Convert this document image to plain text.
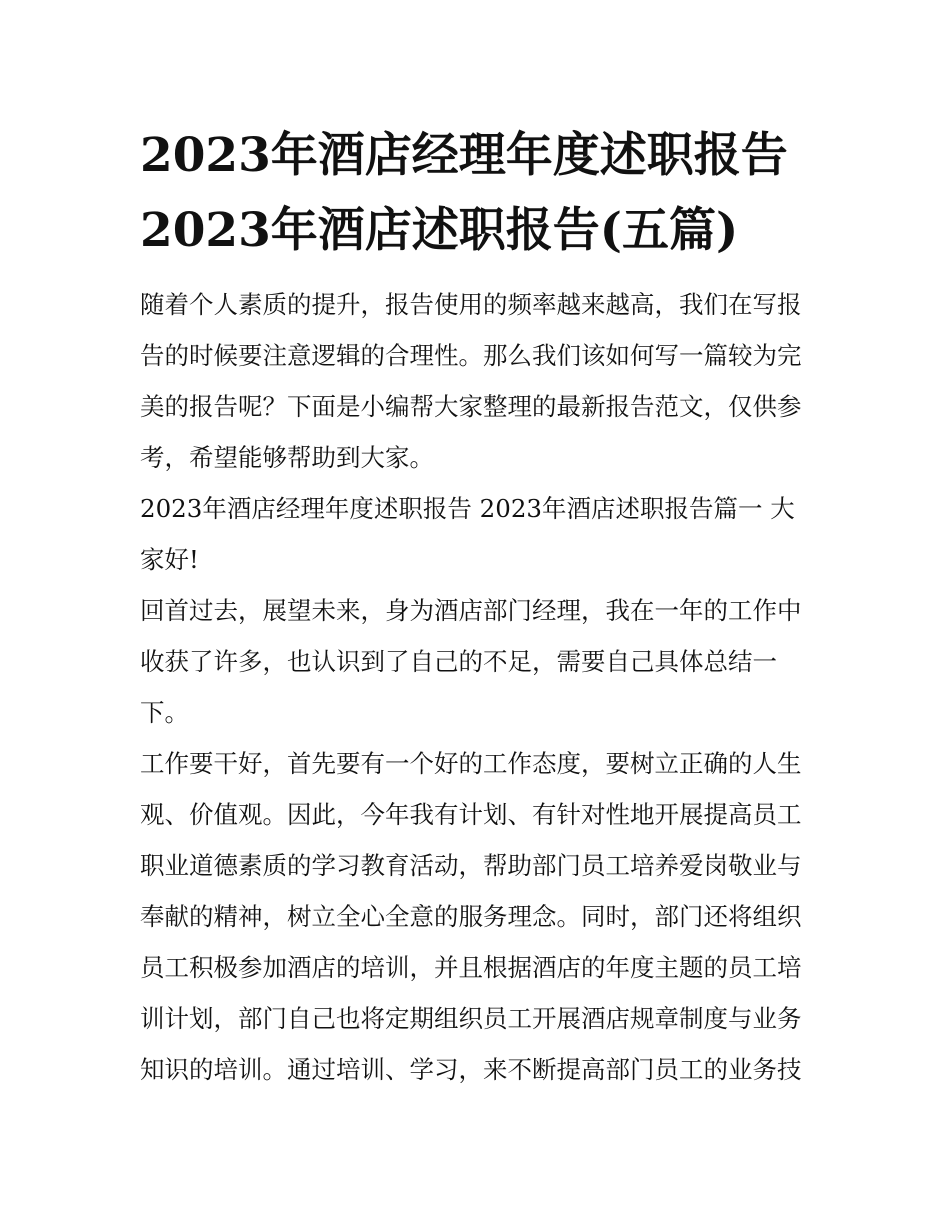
2023年酒店经理年度述职报告
2023年酒店述职报告(五篇)

随着个人素质的提升，报告使用的频率越来越高，我们在写报告的时候要注意逻辑的合理性。那么我们该如何写一篇较为完美的报告呢？下面是小编帮大家整理的最新报告范文，仅供参考，希望能够帮助到大家。

2023年酒店经理年度述职报告 2023年酒店述职报告篇一 大家好!

回首过去，展望未来，身为酒店部门经理，我在一年的工作中收获了许多，也认识到了自己的不足，需要自己具体总结一下。

工作要干好，首先要有一个好的工作态度，要树立正确的人生观、价值观。因此，今年我有计划、有针对性地开展提高员工职业道德素质的学习教育活动，帮助部门员工培养爱岗敬业与奉献的精神，树立全心全意的服务理念。同时，部门还将组织员工积极参加酒店的培训，并且根据酒店的年度主题的员工培训计划，部门自己也将定期组织员工开展酒店规章制度与业务知识的培训。通过培训、学习，来不断提高部门员工的业务技
